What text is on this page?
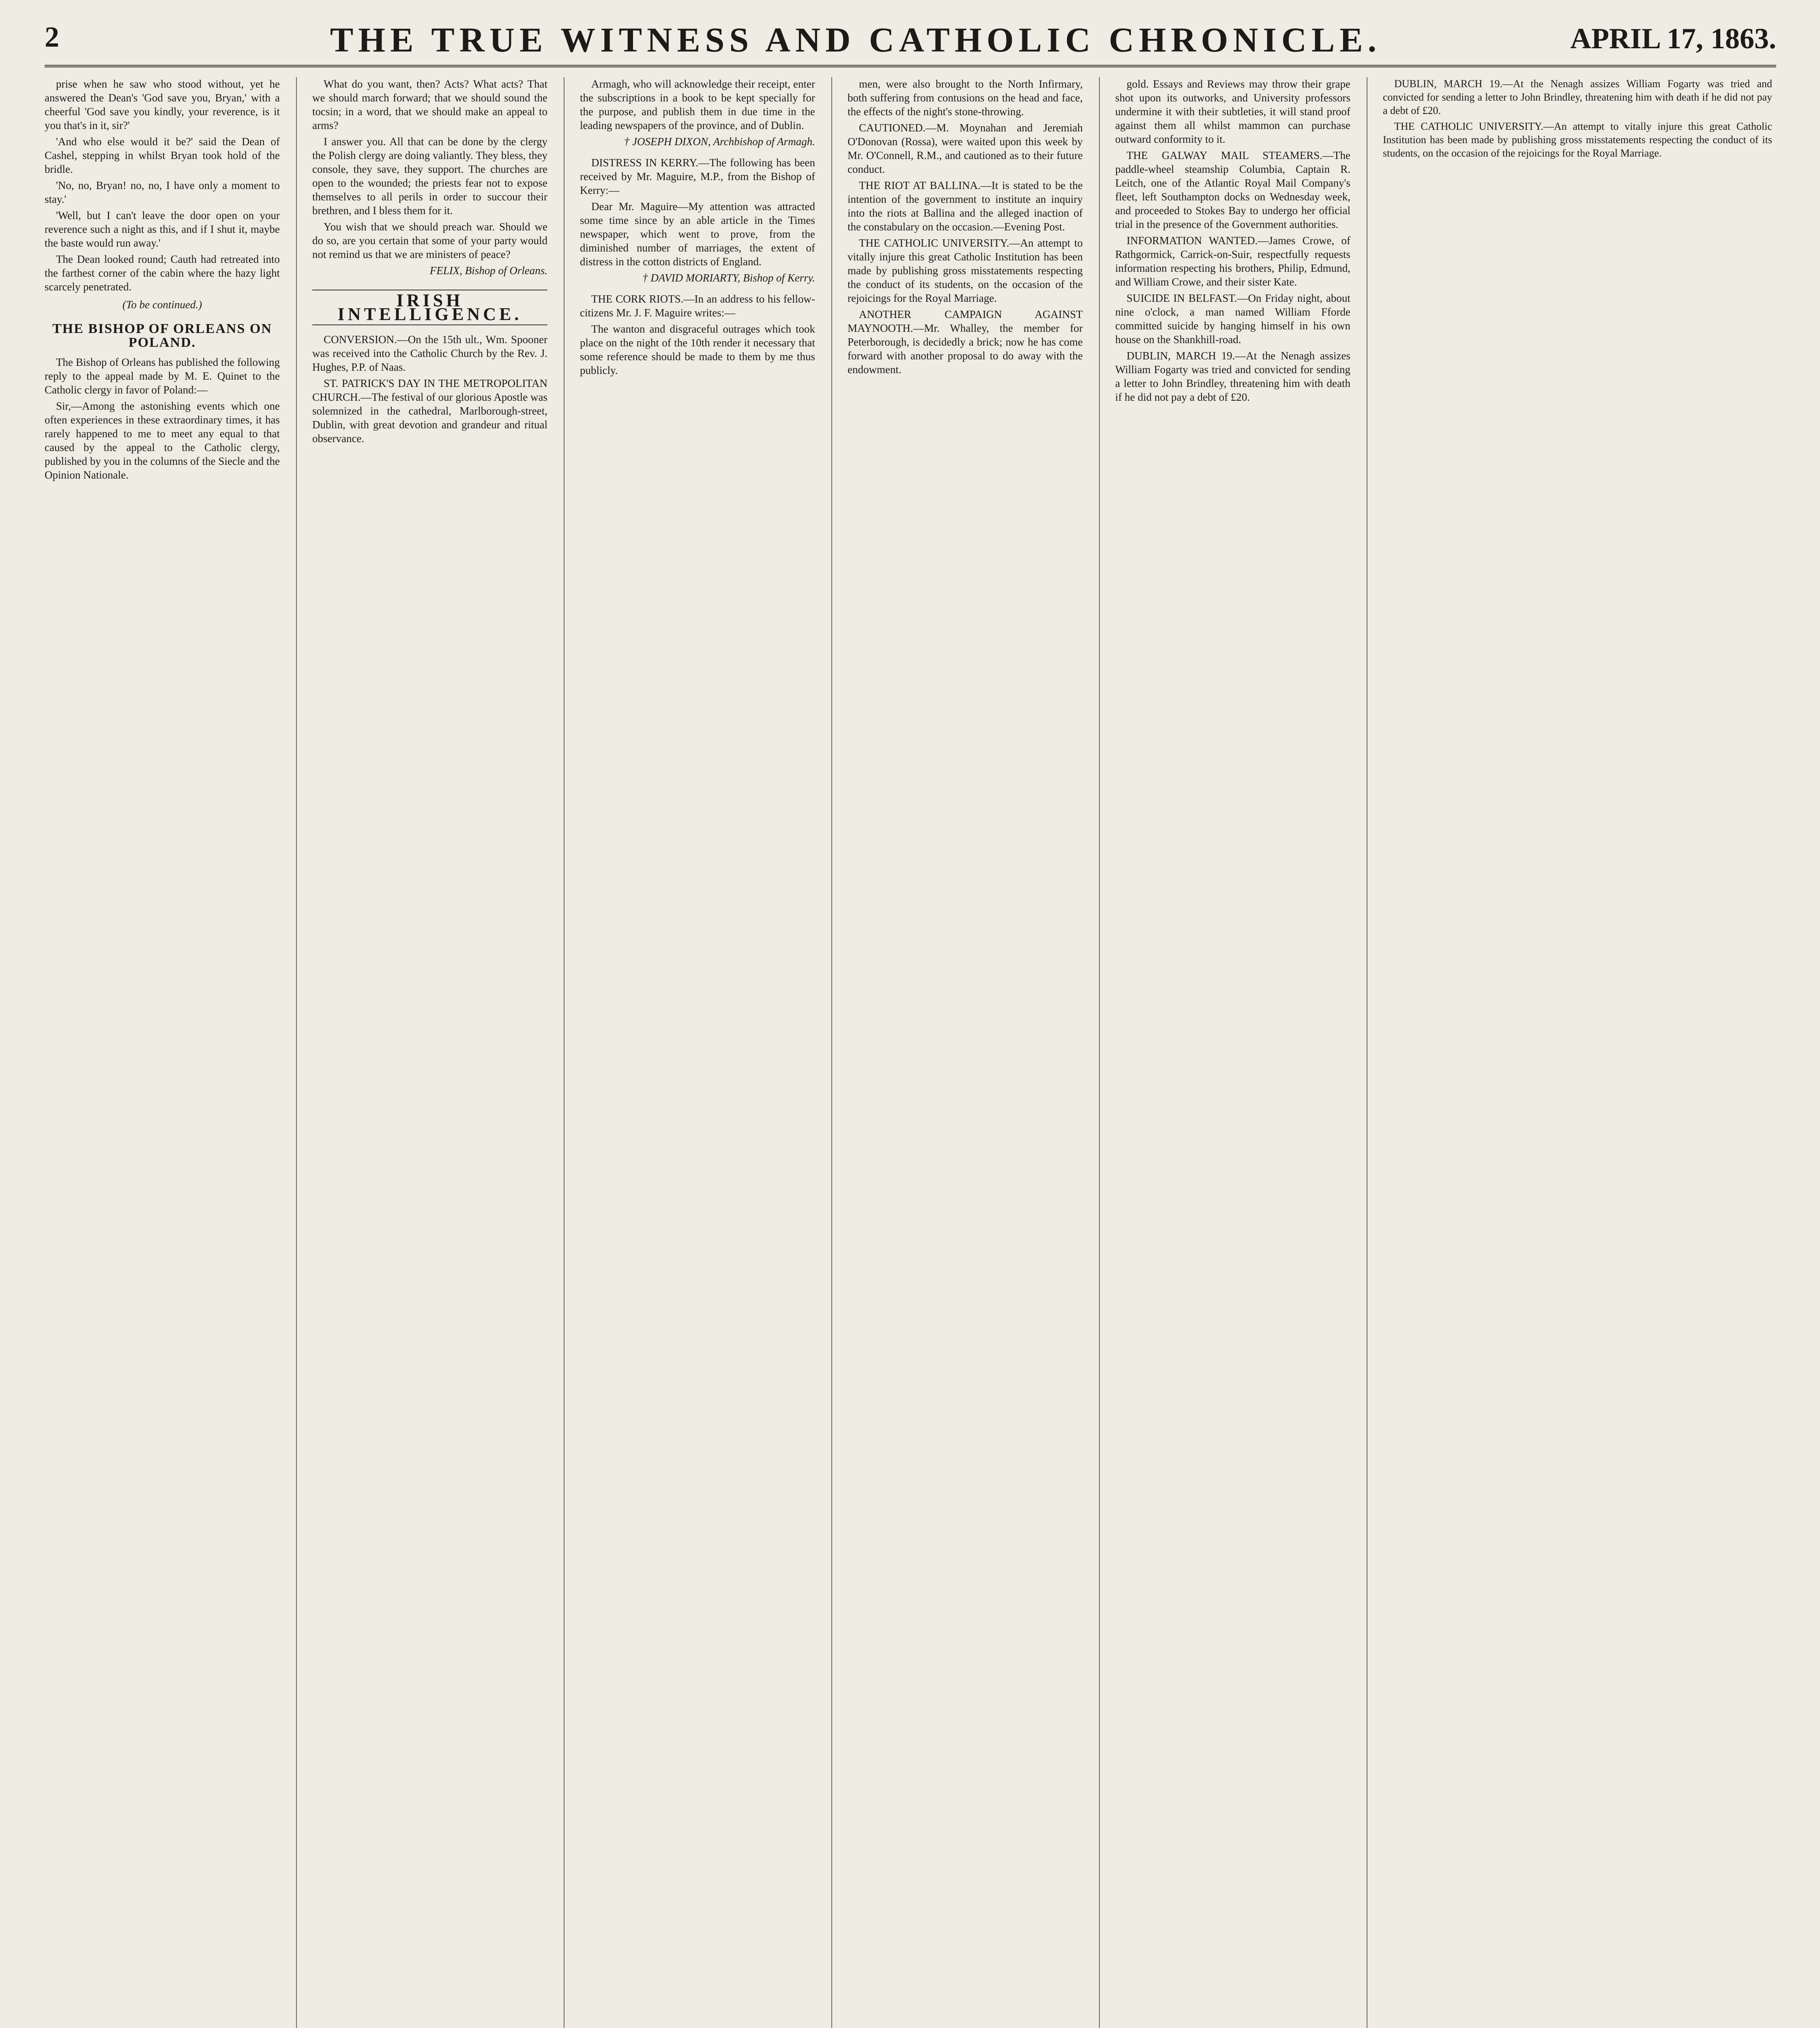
2	THE TRUE WITNESS AND CATHOLIC CHRONICLE.	APRIL 17, 1863.

prise when he saw who stood without, yet he answered the Dean's 'God save you, Bryan,' with a cheerful 'God save you kindly, your reverence, is it you that's in it, sir?'

'And who else would it be?' said the Dean of Cashel, stepping in whilst Bryan took hold of the bridle.

'No, no, Bryan! no, no, I have only a moment to stay.'

'Well, but I can't leave the door open on your reverence such a night as this, and if I shut it, maybe the baste would run away.'

The Dean looked round; Cauth had retreated into the farthest corner of the cabin where the hazy light scarcely penetrated.

(To be continued.)
THE BISHOP OF ORLEANS ON POLAND.

The Bishop of Orleans has published the following reply to the appeal made by M. E. Quinet to the Catholic clergy in favor of Poland:—

Sir,—Among the astonishing events which one often experiences in these extraordinary times, it has rarely happened to me to meet any equal to that caused by the appeal to the Catholic clergy, published by you in the columns of the Siecle and the Opinion Nationale.

What do you want, then? Acts? What acts? That we should march forward; that we should sound the tocsin; in a word, that we should make an appeal to arms?

I answer you. All that can be done by the clergy the Polish clergy are doing valiantly. They bless, they console, they save, they support. The churches are open to the wounded; the priests fear not to expose themselves to all perils in order to succour their brethren, and I bless them for it.

You wish that we should preach war. Should we do so, are you certain that some of your party would not remind us that we are ministers of peace?

FELIX, Bishop of Orleans.
IRISH INTELLIGENCE.

CONVERSION.—On the 15th ult., Wm. Spooner was received into the Catholic Church by the Rev. J. Hughes, P.P. of Naas.

ST. PATRICK'S DAY IN THE METROPOLITAN CHURCH.—The festival of our glorious Apostle was solemnized in the cathedral, Marlborough-street, Dublin, with great devotion and grandeur and ritual observance.

Armagh, who will acknowledge their receipt, enter the subscriptions in a book to be kept specially for the purpose, and publish them in due time in the leading newspapers of the province, and of Dublin.

† JOSEPH DIXON, Archbishop of Armagh.

DISTRESS IN KERRY.—The following has been received by Mr. Maguire, M.P., from the Bishop of Kerry:—

Dear Mr. Maguire—My attention was attracted some time since by an able article in the Times newspaper, which went to prove, from the diminished number of marriages, the extent of distress in the cotton districts of England.

† DAVID MORIARTY, Bishop of Kerry.

THE CORK RIOTS.—In an address to his fellow-citizens Mr. J. F. Maguire writes:—

The wanton and disgraceful outrages which took place on the night of the 10th render it necessary that some reference should be made to them by me thus publicly.

men, were also brought to the North Infirmary, both suffering from contusions on the head and face, the effects of the night's stone-throwing.

CAUTIONED.—M. Moynahan and Jeremiah O'Donovan (Rossa), were waited upon this week by Mr. O'Connell, R.M., and cautioned as to their future conduct.

THE RIOT AT BALLINA.—It is stated to be the intention of the government to institute an inquiry into the riots at Ballina and the alleged inaction of the constabulary on the occasion.—Evening Post.

THE CATHOLIC UNIVERSITY.—An attempt to vitally injure this great Catholic Institution has been made by publishing gross misstatements respecting the conduct of its students, on the occasion of the rejoicings for the Royal Marriage.

ANOTHER CAMPAIGN AGAINST MAYNOOTH.—Mr. Whalley, the member for Peterborough, is decidedly a brick; now he has come forward with another proposal to do away with the endowment.

gold. Essays and Reviews may throw their grape shot upon its outworks, and University professors undermine it with their subtleties, it will stand proof against them all whilst mammon can purchase outward conformity to it.

THE GALWAY MAIL STEAMERS.—The paddle-wheel steamship Columbia, Captain R. Leitch, one of the Atlantic Royal Mail Company's fleet, left Southampton docks on Wednesday week, and proceeded to Stokes Bay to undergo her official trial in the presence of the Government authorities.

INFORMATION WANTED.—James Crowe, of Rathgormick, Carrick-on-Suir, respectfully requests information respecting his brothers, Philip, Edmund, and William Crowe, and their sister Kate.

SUICIDE IN BELFAST.—On Friday night, about nine o'clock, a man named William Fforde committed suicide by hanging himself in his own house on the Shankhill-road.

DUBLIN, MARCH 19.—At the Nenagh assizes William Fogarty was tried and convicted for sending a letter to John Brindley, threatening him with death if he did not pay a debt of £20.

DUBLIN, MARCH 19.—At the Nenagh assizes William Fogarty was tried and convicted for sending a letter to John Brindley, threatening him with death if he did not pay a debt of £20.

THE CATHOLIC UNIVERSITY.—An attempt to vitally injure this great Catholic Institution has been made by publishing gross misstatements respecting the conduct of its students, on the occasion of the rejoicings for the Royal Marriage.
